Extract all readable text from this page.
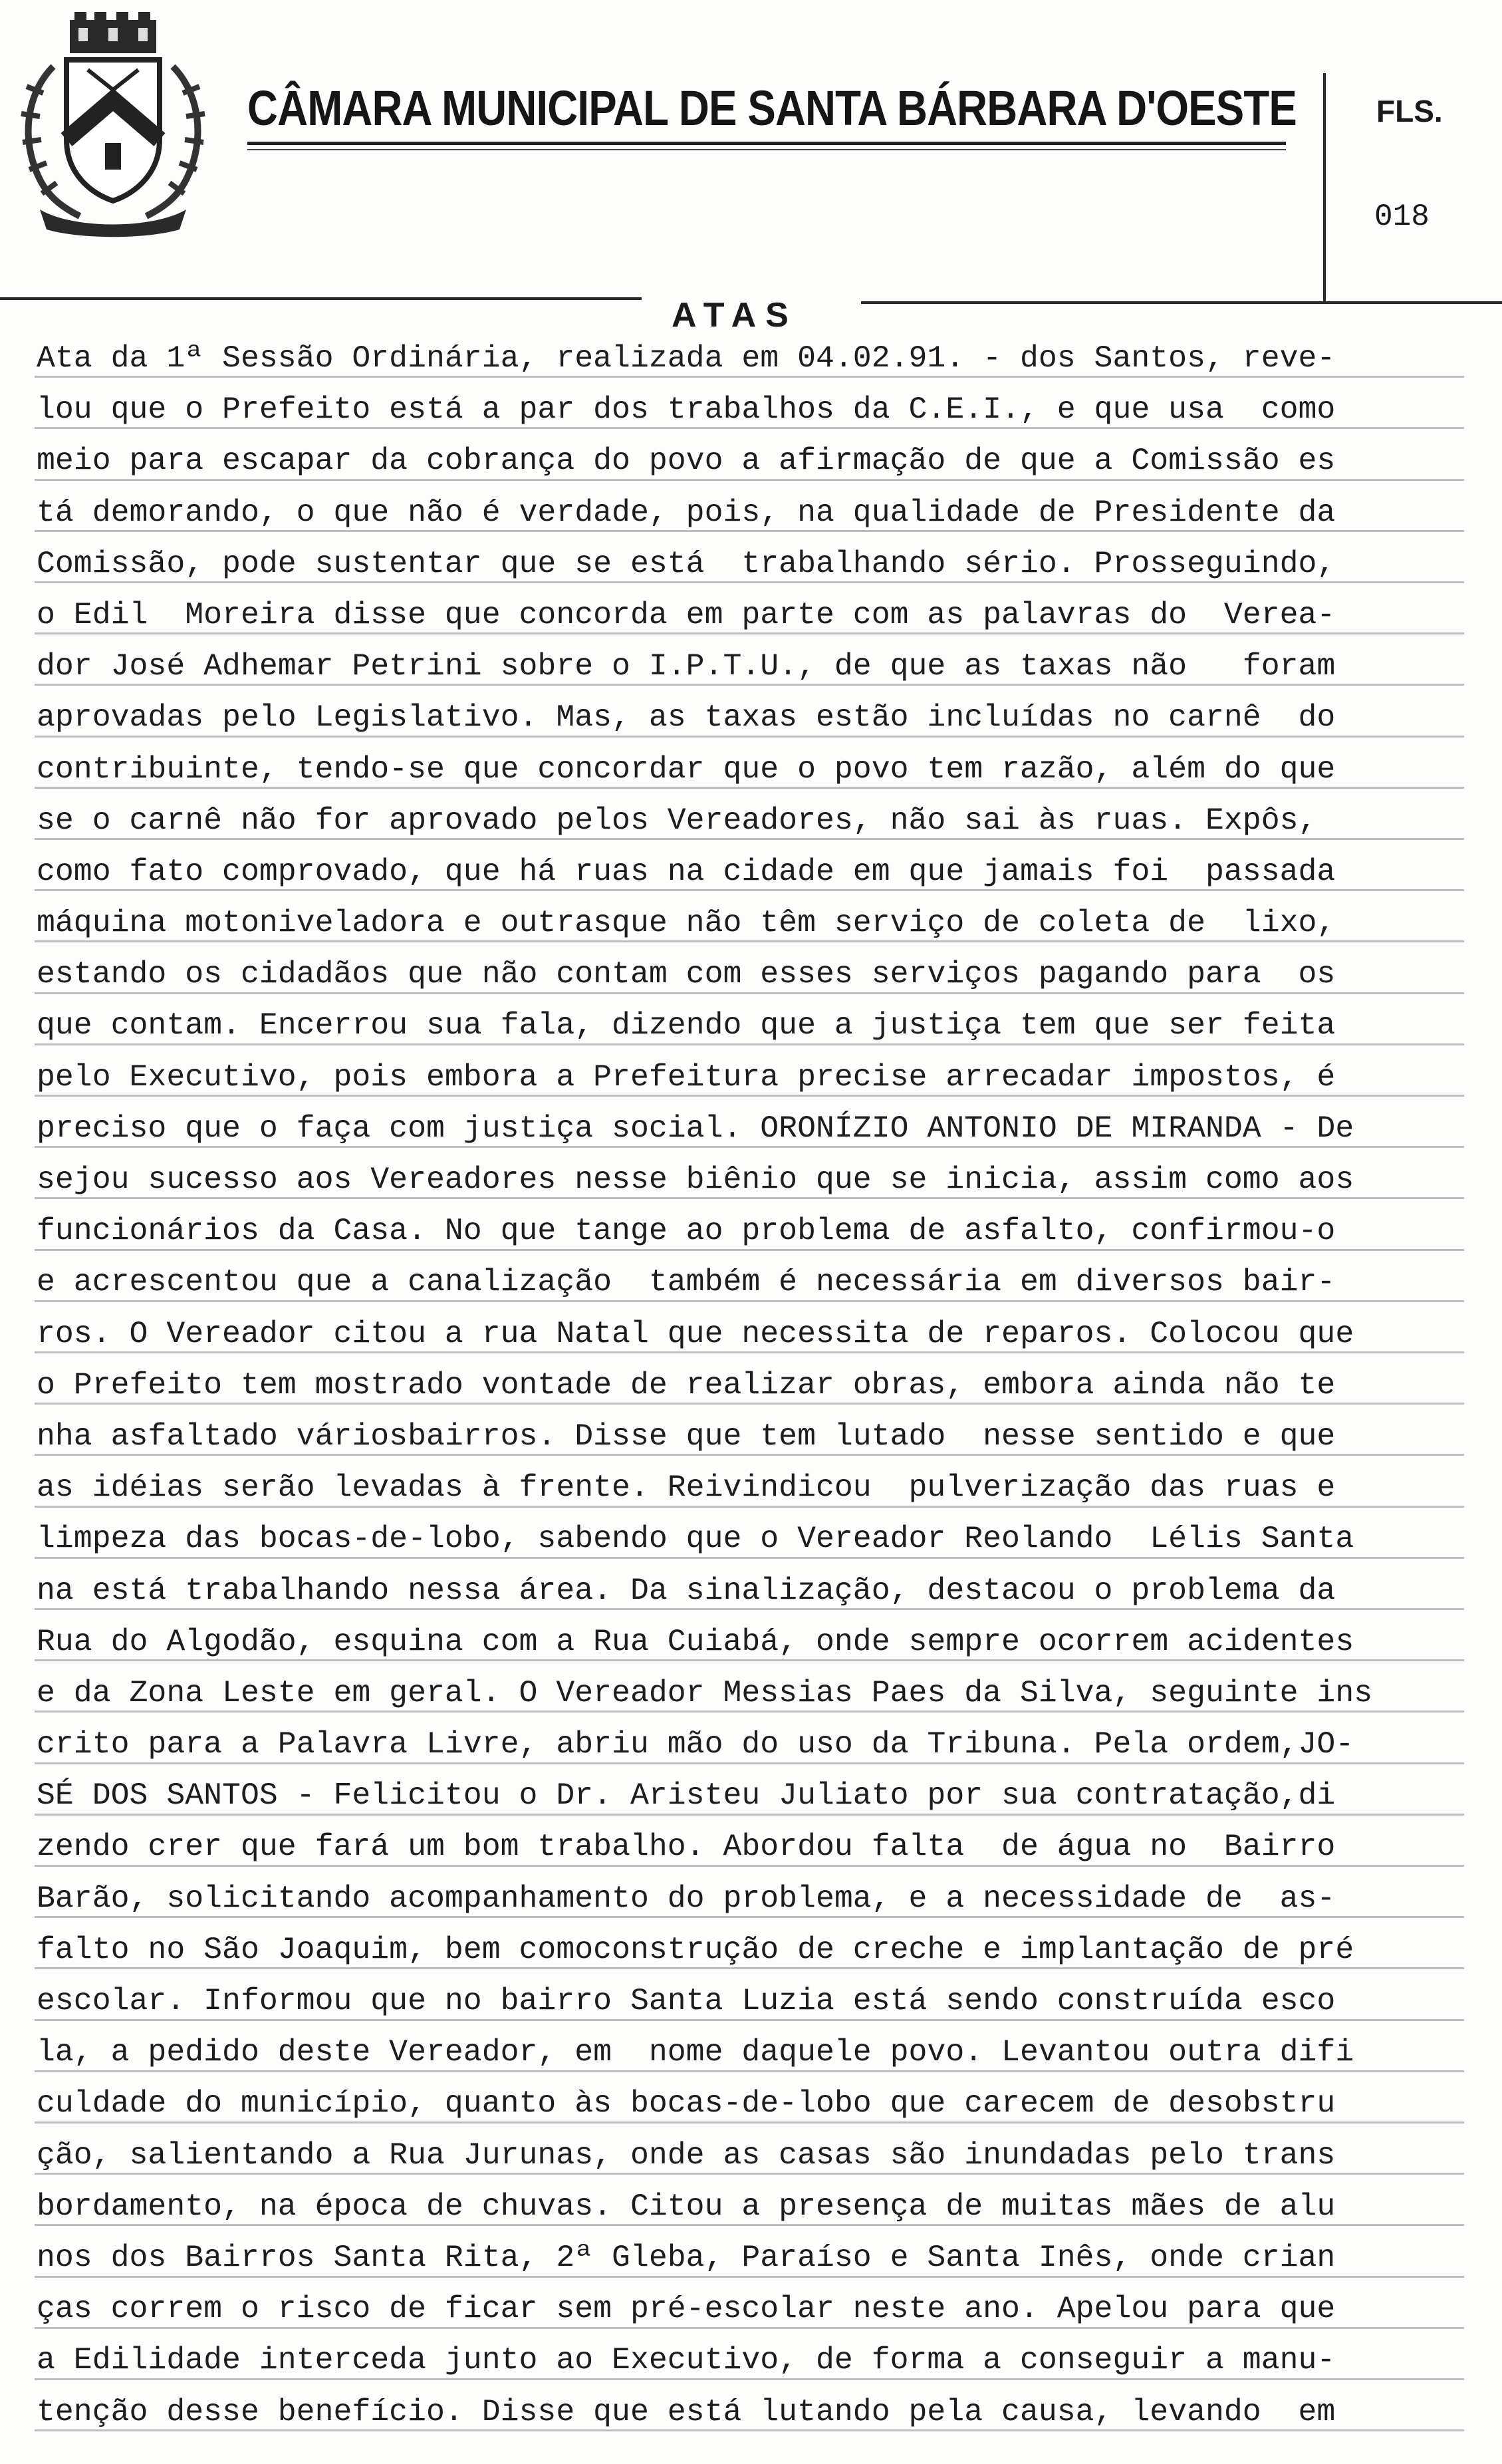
CÂMARA MUNICIPAL DE SANTA BÁRBARA D'OESTE	FLS.
018
ATAS
Ata da 1ª Sessão Ordinária, realizada em 04.02.91. - dos Santos, reve-
lou que o Prefeito está a par dos trabalhos da C.E.I., e que usa  como
meio para escapar da cobrança do povo a afirmação de que a Comissão es
tá demorando, o que não é verdade, pois, na qualidade de Presidente da
Comissão, pode sustentar que se está  trabalhando sério. Prosseguindo,
o Edil  Moreira disse que concorda em parte com as palavras do  Verea-
dor José Adhemar Petrini sobre o I.P.T.U., de que as taxas não   foram
aprovadas pelo Legislativo. Mas, as taxas estão incluídas no carnê  do
contribuinte, tendo-se que concordar que o povo tem razão, além do que
se o carnê não for aprovado pelos Vereadores, não sai às ruas. Expôs,
como fato comprovado, que há ruas na cidade em que jamais foi  passada
máquina motoniveladora e outrasque não têm serviço de coleta de  lixo,
estando os cidadãos que não contam com esses serviços pagando para  os
que contam. Encerrou sua fala, dizendo que a justiça tem que ser feita
pelo Executivo, pois embora a Prefeitura precise arrecadar impostos, é
preciso que o faça com justiça social. ORONÍZIO ANTONIO DE MIRANDA - De
sejou sucesso aos Vereadores nesse biênio que se inicia, assim como aos
funcionários da Casa. No que tange ao problema de asfalto, confirmou-o
e acrescentou que a canalização  também é necessária em diversos bair-
ros. O Vereador citou a rua Natal que necessita de reparos. Colocou que
o Prefeito tem mostrado vontade de realizar obras, embora ainda não te
nha asfaltado váriosbairros. Disse que tem lutado  nesse sentido e que
as idéias serão levadas à frente. Reivindicou  pulverização das ruas e
limpeza das bocas-de-lobo, sabendo que o Vereador Reolando  Lélis Santa
na está trabalhando nessa área. Da sinalização, destacou o problema da
Rua do Algodão, esquina com a Rua Cuiabá, onde sempre ocorrem acidentes
e da Zona Leste em geral. O Vereador Messias Paes da Silva, seguinte ins
crito para a Palavra Livre, abriu mão do uso da Tribuna. Pela ordem,JO-
SÉ DOS SANTOS - Felicitou o Dr. Aristeu Juliato por sua contratação,di
zendo crer que fará um bom trabalho. Abordou falta  de água no  Bairro
Barão, solicitando acompanhamento do problema, e a necessidade de  as-
falto no São Joaquim, bem comoconstrução de creche e implantação de pré
escolar. Informou que no bairro Santa Luzia está sendo construída esco
la, a pedido deste Vereador, em  nome daquele povo. Levantou outra difi
culdade do município, quanto às bocas-de-lobo que carecem de desobstru
ção, salientando a Rua Jurunas, onde as casas são inundadas pelo trans
bordamento, na época de chuvas. Citou a presença de muitas mães de alu
nos dos Bairros Santa Rita, 2ª Gleba, Paraíso e Santa Inês, onde crian
ças correm o risco de ficar sem pré-escolar neste ano. Apelou para que
a Edilidade interceda junto ao Executivo, de forma a conseguir a manu-
tenção desse benefício. Disse que está lutando pela causa, levando  em
